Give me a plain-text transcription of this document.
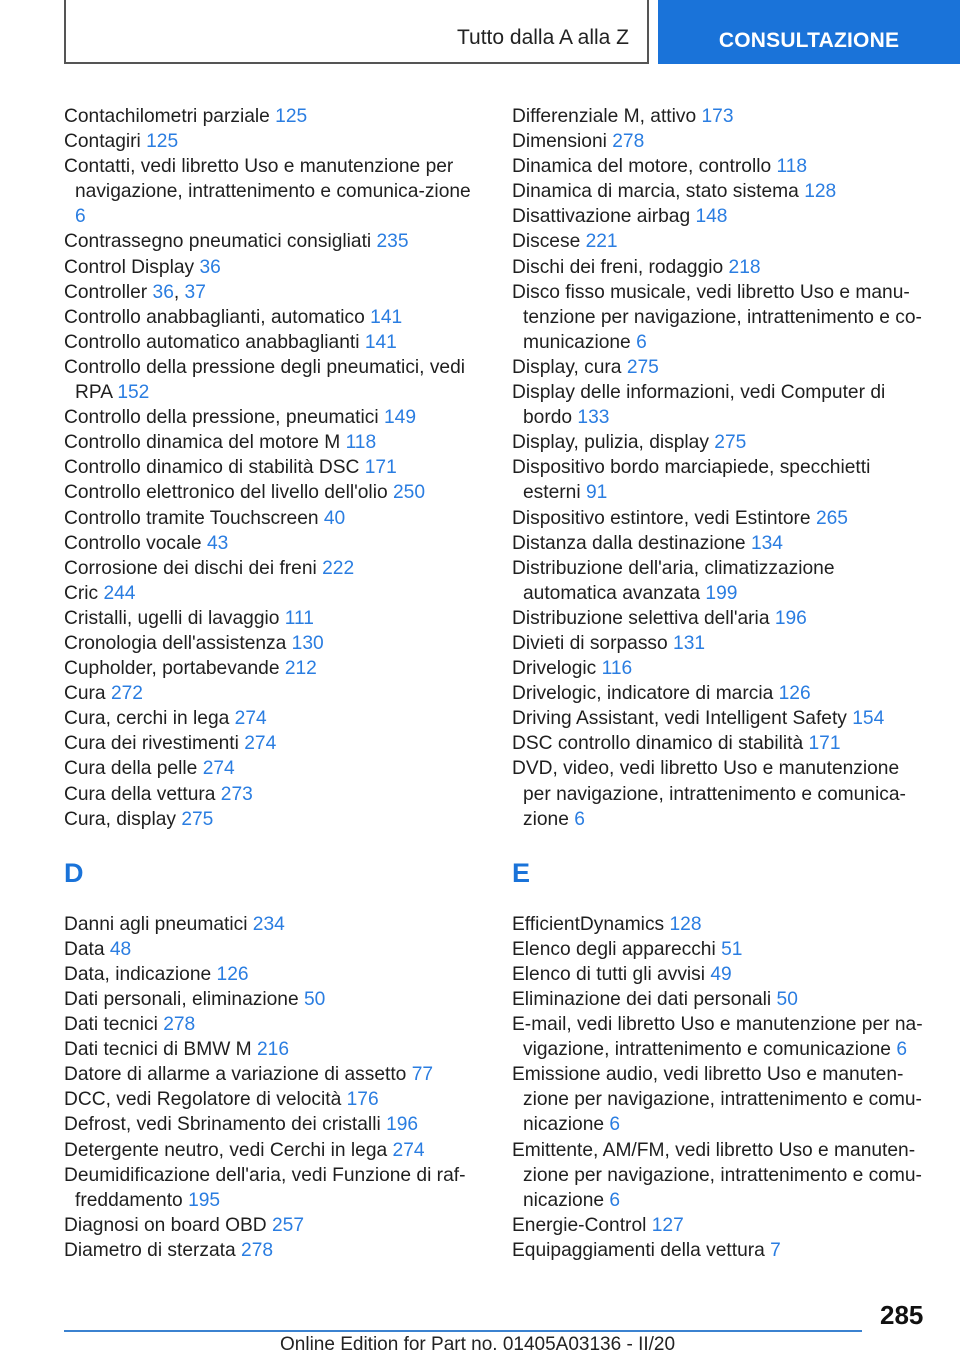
Tutto dalla A alla Z	CONSULTAZIONE
Contachilometri parziale 125
Contagiri 125
Contatti, vedi libretto Uso e manutenzione per navigazione, intrattenimento e comunica-zione 6
Contrassegno pneumatici consigliati 235
Control Display 36
Controller 36, 37
Controllo anabbaglianti, automatico 141
Controllo automatico anabbaglianti 141
Controllo della pressione degli pneumatici, vedi RPA 152
Controllo della pressione, pneumatici 149
Controllo dinamica del motore M 118
Controllo dinamico di stabilità DSC 171
Controllo elettronico del livello dell'olio 250
Controllo tramite Touchscreen 40
Controllo vocale 43
Corrosione dei dischi dei freni 222
Cric 244
Cristalli, ugelli di lavaggio 111
Cronologia dell'assistenza 130
Cupholder, portabevande 212
Cura 272
Cura, cerchi in lega 274
Cura dei rivestimenti 274
Cura della pelle 274
Cura della vettura 273
Cura, display 275
D
Danni agli pneumatici 234
Data 48
Data, indicazione 126
Dati personali, eliminazione 50
Dati tecnici 278
Dati tecnici di BMW M 216
Datore di allarme a variazione di assetto 77
DCC, vedi Regolatore di velocità 176
Defrost, vedi Sbrinamento dei cristalli 196
Detergente neutro, vedi Cerchi in lega 274
Deumidificazione dell'aria, vedi Funzione di raf-freddamento 195
Diagnosi on board OBD 257
Diametro di sterzata 278
Differenziale M, attivo 173
Dimensioni 278
Dinamica del motore, controllo 118
Dinamica di marcia, stato sistema 128
Disattivazione airbag 148
Discese 221
Dischi dei freni, rodaggio 218
Disco fisso musicale, vedi libretto Uso e manu-tenzione per navigazione, intrattenimento e co-municazione 6
Display, cura 275
Display delle informazioni, vedi Computer di bordo 133
Display, pulizia, display 275
Dispositivo bordo marciapiede, specchietti esterni 91
Dispositivo estintore, vedi Estintore 265
Distanza dalla destinazione 134
Distribuzione dell'aria, climatizzazione automatica avanzata 199
Distribuzione selettiva dell'aria 196
Divieti di sorpasso 131
Drivelogic 116
Drivelogic, indicatore di marcia 126
Driving Assistant, vedi Intelligent Safety 154
DSC controllo dinamico di stabilità 171
DVD, video, vedi libretto Uso e manutenzione per navigazione, intrattenimento e comunica-zione 6
E
EfficientDynamics 128
Elenco degli apparecchi 51
Elenco di tutti gli avvisi 49
Eliminazione dei dati personali 50
E-mail, vedi libretto Uso e manutenzione per na-vigazione, intrattenimento e comunicazione 6
Emissione audio, vedi libretto Uso e manuten-zione per navigazione, intrattenimento e comu-nicazione 6
Emittente, AM/FM, vedi libretto Uso e manuten-zione per navigazione, intrattenimento e comu-nicazione 6
Energie-Control 127
Equipaggiamenti della vettura 7
285
Online Edition for Part no. 01405A03136 - II/20
